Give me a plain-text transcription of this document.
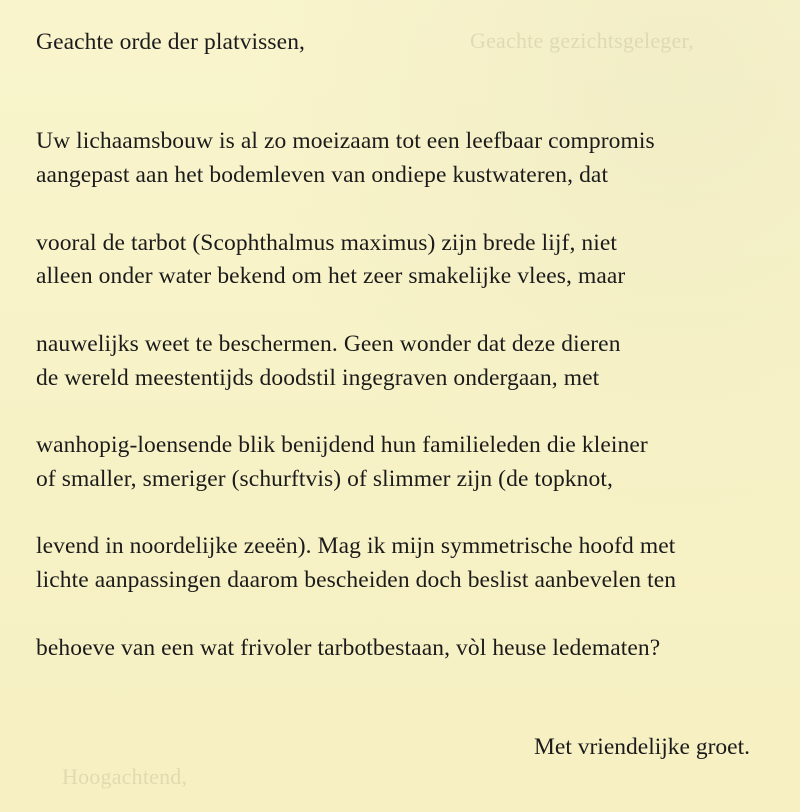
Geachte gezichtsgeleger,
Hoogachtend,
Geachte orde der platvissen,
Uw lichaamsbouw is al zo moeizaam tot een leefbaar compromis
aangepast aan het bodemleven van ondiepe kustwateren, dat
vooral de tarbot (Scophthalmus maximus) zijn brede lijf, niet
alleen onder water bekend om het zeer smakelijke vlees, maar
nauwelijks weet te beschermen. Geen wonder dat deze dieren
de wereld meestentijds doodstil ingegraven ondergaan, met
wanhopig-loensende blik benijdend hun familieleden die kleiner
of smaller, smeriger (schurftvis) of slimmer zijn (de topknot,
levend in noordelijke zeeën). Mag ik mijn symmetrische hoofd met
lichte aanpassingen daarom bescheiden doch beslist aanbevelen ten
behoeve van een wat frivoler tarbotbestaan, vòl heuse ledematen?
Met vriendelijke groet.
